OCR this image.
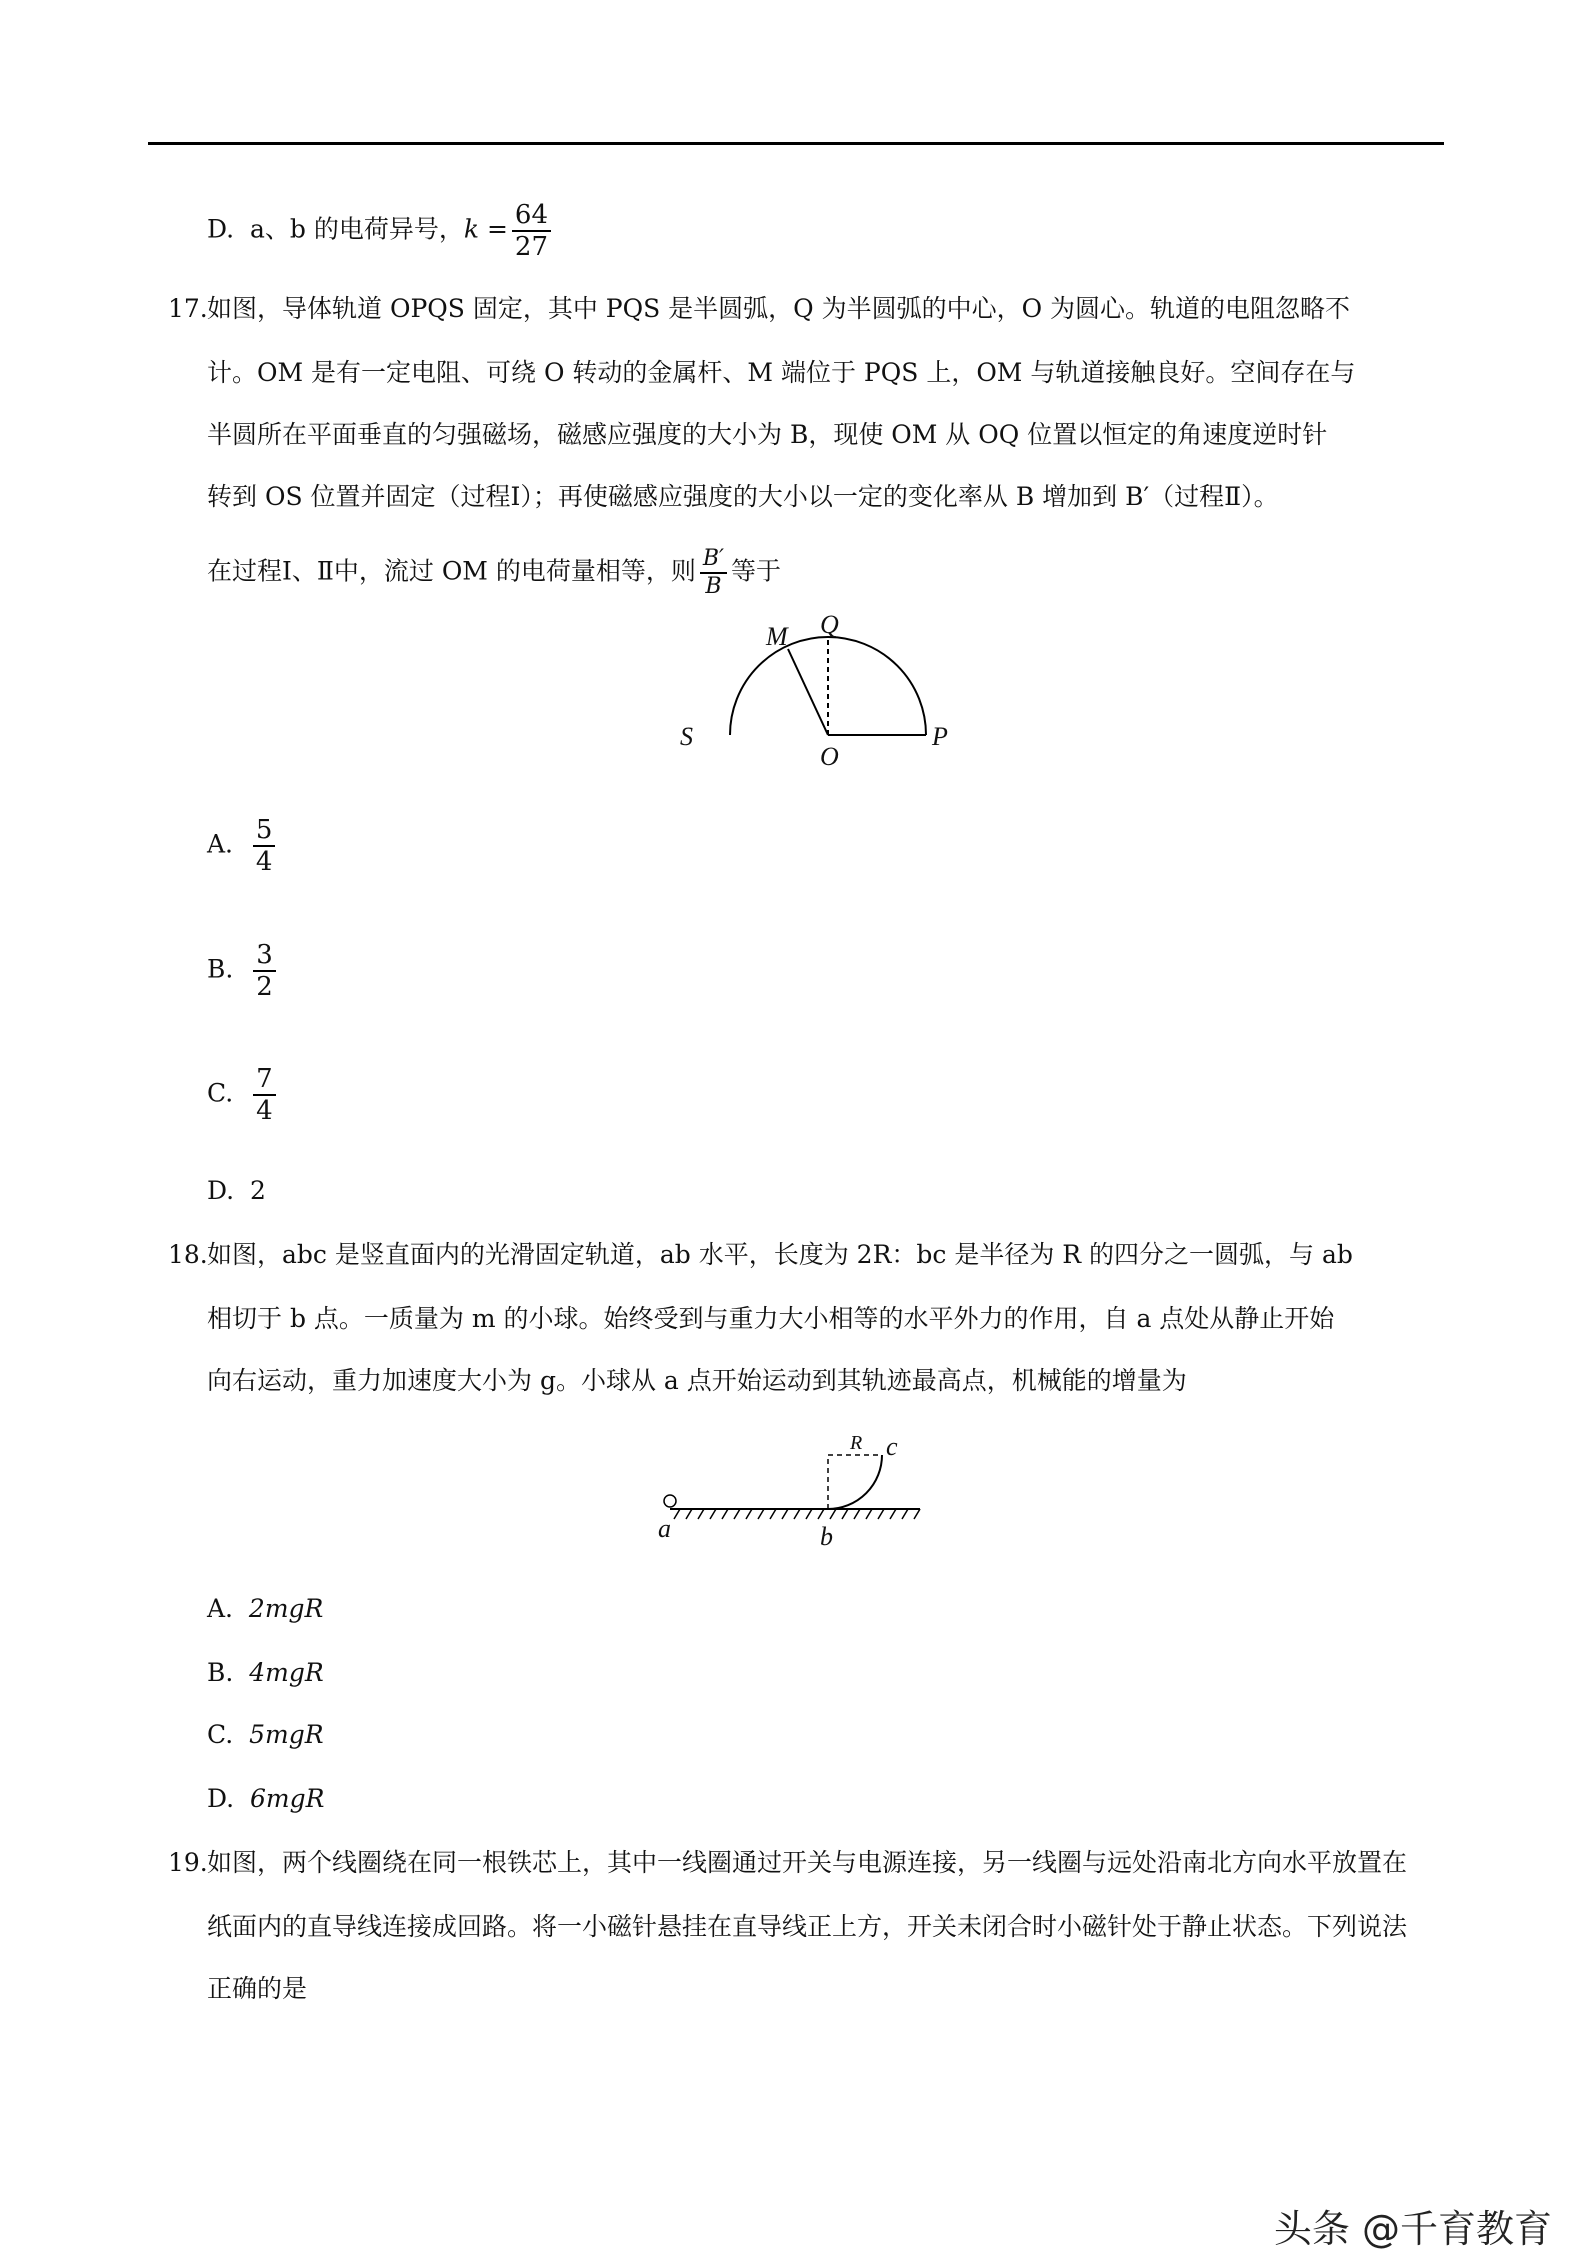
D. a、b 的电荷异号，$k = \frac{64}{27}$
17. 如图，导体轨道 OPQS 固定，其中 PQS 是半圆弧，Q 为半圆弧的中心，O 为圆心。轨道的电阻忽略不
计。OM 是有一定电阻、可绕 O 转动的金属杆、M 端位于 PQS 上，OM 与轨道接触良好。空间存在与
半圆所在平面垂直的匀强磁场，磁感应强度的大小为 B，现使 OM 从 OQ 位置以恒定的角速度逆时针
转到 OS 位置并固定（过程Ⅰ）；再使磁感应强度的大小以一定的变化率从 B 增加到 B′（过程Ⅱ）。
在过程Ⅰ、Ⅱ中，流过 OM 的电荷量相等，则 $\frac{B'}{B}$ 等于
M Q
S
O
P
A. $\frac{5}{4}$
B. $\frac{3}{2}$
C. $\frac{7}{4}$
D. 2
18. 如图，abc 是竖直面内的光滑固定轨道，ab 水平，长度为 2R：bc 是半径为 R 的四分之一圆弧，与 ab
相切于 b 点。一质量为 m 的小球。始终受到与重力大小相等的水平外力的作用，自 a 点处从静止开始
向右运动，重力加速度大小为 g。小球从 a 点开始运动到其轨迹最高点，机械能的增量为
R c
a	b
A. 2mgR
B. 4mgR
C. 5mgR
D. 6mgR
19. 如图，两个线圈绕在同一根铁芯上，其中一线圈通过开关与电源连接，另一线圈与远处沿南北方向水平放置在
纸面内的直导线连接成回路。将一小磁针悬挂在直导线正上方，开关未闭合时小磁针处于静止状态。下列说法
正确的是
头条 @千育教育
